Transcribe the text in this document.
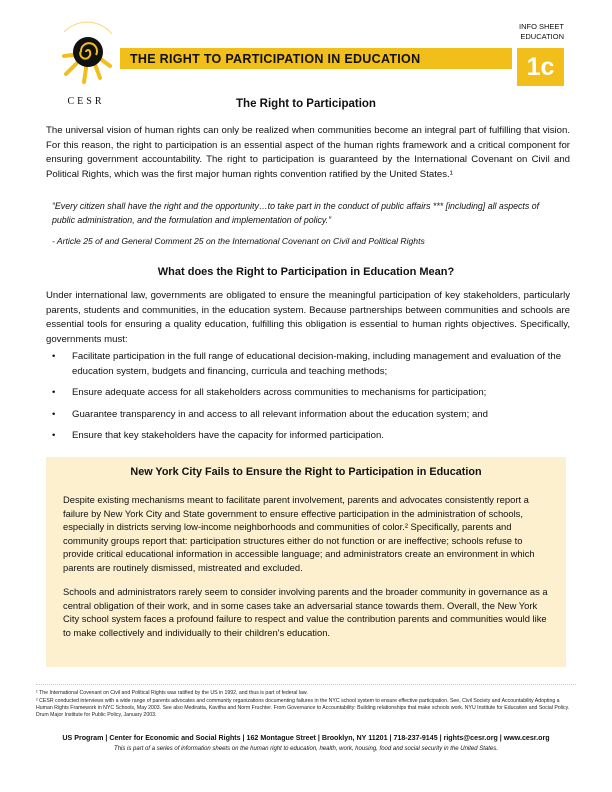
CESR
THE RIGHT TO PARTICIPATION IN EDUCATION
INFO SHEET
EDUCATION
1c
The Right to Participation
The universal vision of human rights can only be realized when communities become an integral part of fulfilling that vision. For this reason, the right to participation is an essential aspect of the human rights framework and a critical component for ensuring government accountability. The right to participation is guaranteed by the International Covenant on Civil and Political Rights, which was the first major human rights convention ratified by the United States.¹
“Every citizen shall have the right and the opportunity…to take part in the conduct of public affairs *** [including] all aspects of public administration, and the formulation and implementation of policy.”
- Article 25 of and General Comment 25 on the International Covenant on Civil and Political Rights
What does the Right to Participation in Education Mean?
Under international law, governments are obligated to ensure the meaningful participation of key stakeholders, particularly parents, students and communities, in the education system. Because partnerships between communities and schools are essential tools for ensuring a quality education, fulfilling this obligation is essential to human rights objectives. Specifically, governments must:
• Facilitate participation in the full range of educational decision-making, including management and evaluation of the education system, budgets and financing, curricula and teaching methods;
• Ensure adequate access for all stakeholders across communities to mechanisms for participation;
• Guarantee transparency in and access to all relevant information about the education system; and
• Ensure that key stakeholders have the capacity for informed participation.
New York City Fails to Ensure the Right to Participation in Education
Despite existing mechanisms meant to facilitate parent involvement, parents and advocates consistently report a failure by New York City and State government to ensure effective participation in the administration of schools, especially in districts serving low-income neighborhoods and communities of color.² Specifically, parents and community groups report that: participation structures either do not function or are ineffective; schools refuse to provide critical educational information in accessible language; and administrators create an environment in which parents are routinely dismissed, mistreated and excluded.
Schools and administrators rarely seem to consider involving parents and the broader community in governance as a central obligation of their work, and in some cases take an adversarial stance towards them. Overall, the New York City school system faces a profound failure to respect and value the contribution parents and communities would like to make collectively and individually to their children's education.
¹ The International Covenant on Civil and Political Rights was ratified by the US in 1992, and thus is part of federal law.
² CESR conducted interviews with a wide range of parents advocates and community organizations documenting failures in the NYC school system to ensure effective participation. See, Civil Society and Accountability Adopting a Human Rights Framework in NYC Schools, May 2003. See also Mediratta, Kavitha and Norm Fruchter. From Governance to Accountability: Building relationships that make schools work. NYU Institute for Education and Social Policy. Drum Major Institute for Public Policy, January 2003.
US Program | Center for Economic and Social Rights | 162 Montague Street | Brooklyn, NY 11201 | 718-237-9145 | rights@cesr.org | www.cesr.org
This is part of a series of information sheets on the human right to education, health, work, housing, food and social security in the United States.
